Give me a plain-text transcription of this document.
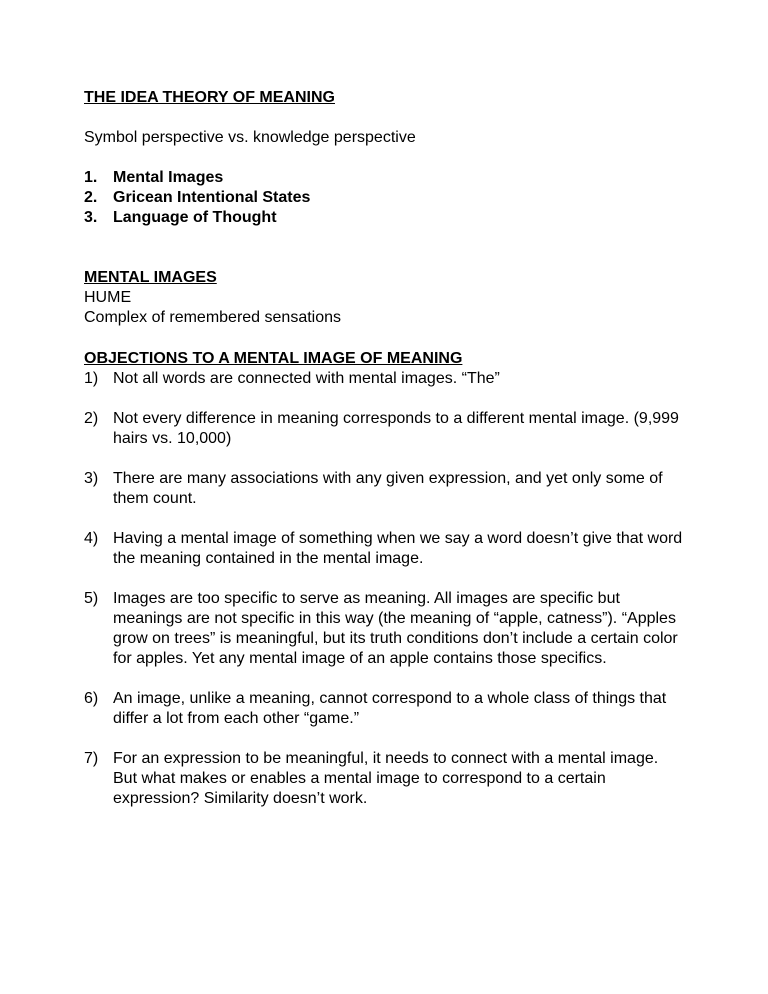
THE IDEA THEORY OF MEANING

Symbol perspective vs. knowledge perspective

1. Mental Images
2. Gricean Intentional States
3. Language of Thought

MENTAL IMAGES

HUME

Complex of remembered sensations

OBJECTIONS TO A MENTAL IMAGE OF MEANING

1) Not all words are connected with mental images. “The”
2) Not every difference in meaning corresponds to a different mental image. (9,999 hairs vs. 10,000)
3) There are many associations with any given expression, and yet only some of them count.
4) Having a mental image of something when we say a word doesn’t give that word the meaning contained in the mental image.
5) Images are too specific to serve as meaning. All images are specific but meanings are not specific in this way (the meaning of “apple, catness”). “Apples grow on trees” is meaningful, but its truth conditions don’t include a certain color for apples. Yet any mental image of an apple contains those specifics.
6) An image, unlike a meaning, cannot correspond to a whole class of things that differ a lot from each other “game.”
7) For an expression to be meaningful, it needs to connect with a mental image. But what makes or enables a mental image to correspond to a certain expression? Similarity doesn’t work.
